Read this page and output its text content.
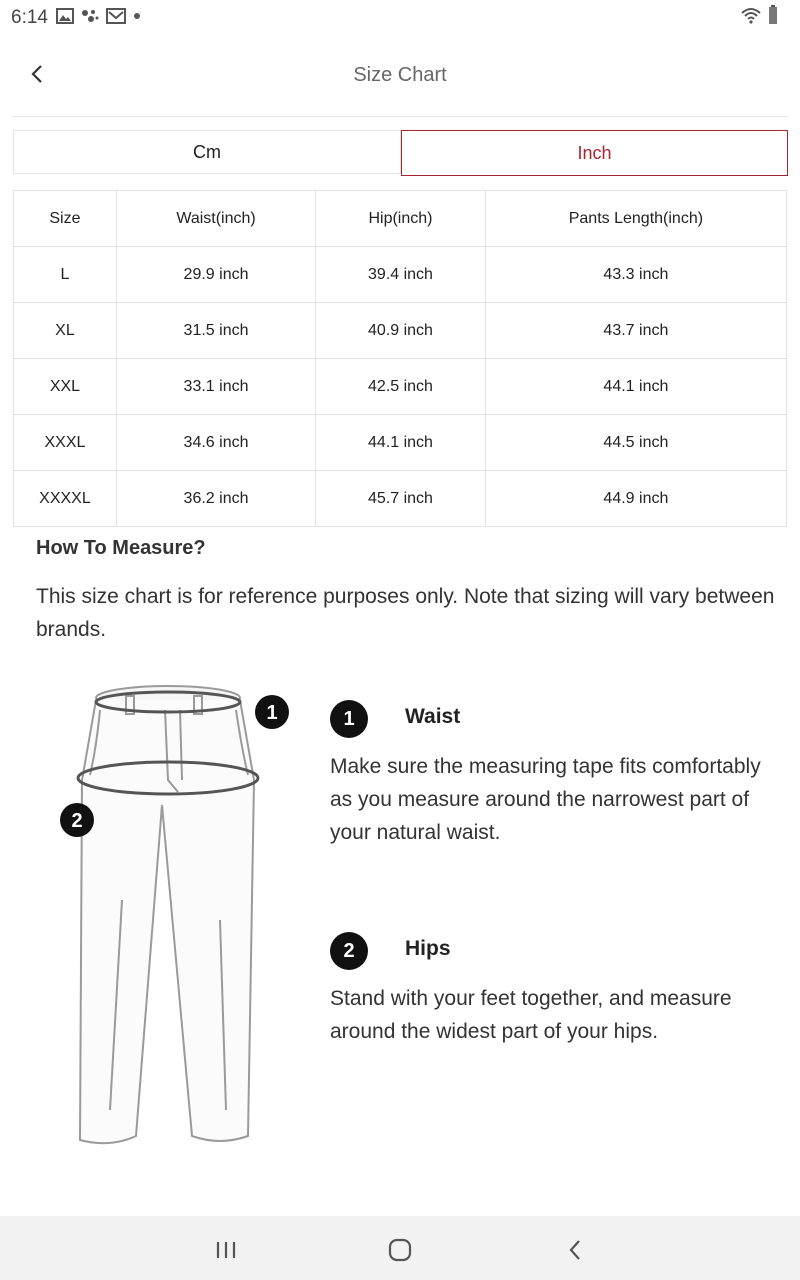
6:14
Size Chart
Cm	Inch
Size	Waist(inch)	Hip(inch)	Pants Length(inch)
L	29.9 inch	39.4 inch	43.3 inch
XL	31.5 inch	40.9 inch	43.7 inch
XXL	33.1 inch	42.5 inch	44.1 inch
XXXL	34.6 inch	44.1 inch	44.5 inch
XXXXL	36.2 inch	45.7 inch	44.9 inch
How To Measure?
This size chart is for reference purposes only. Note that sizing will vary between brands.
1
2
1	Waist
Make sure the measuring tape fits comfortably as you measure around the narrowest part of your natural waist.
2	Hips
Stand with your feet together, and measure around the widest part of your hips.
